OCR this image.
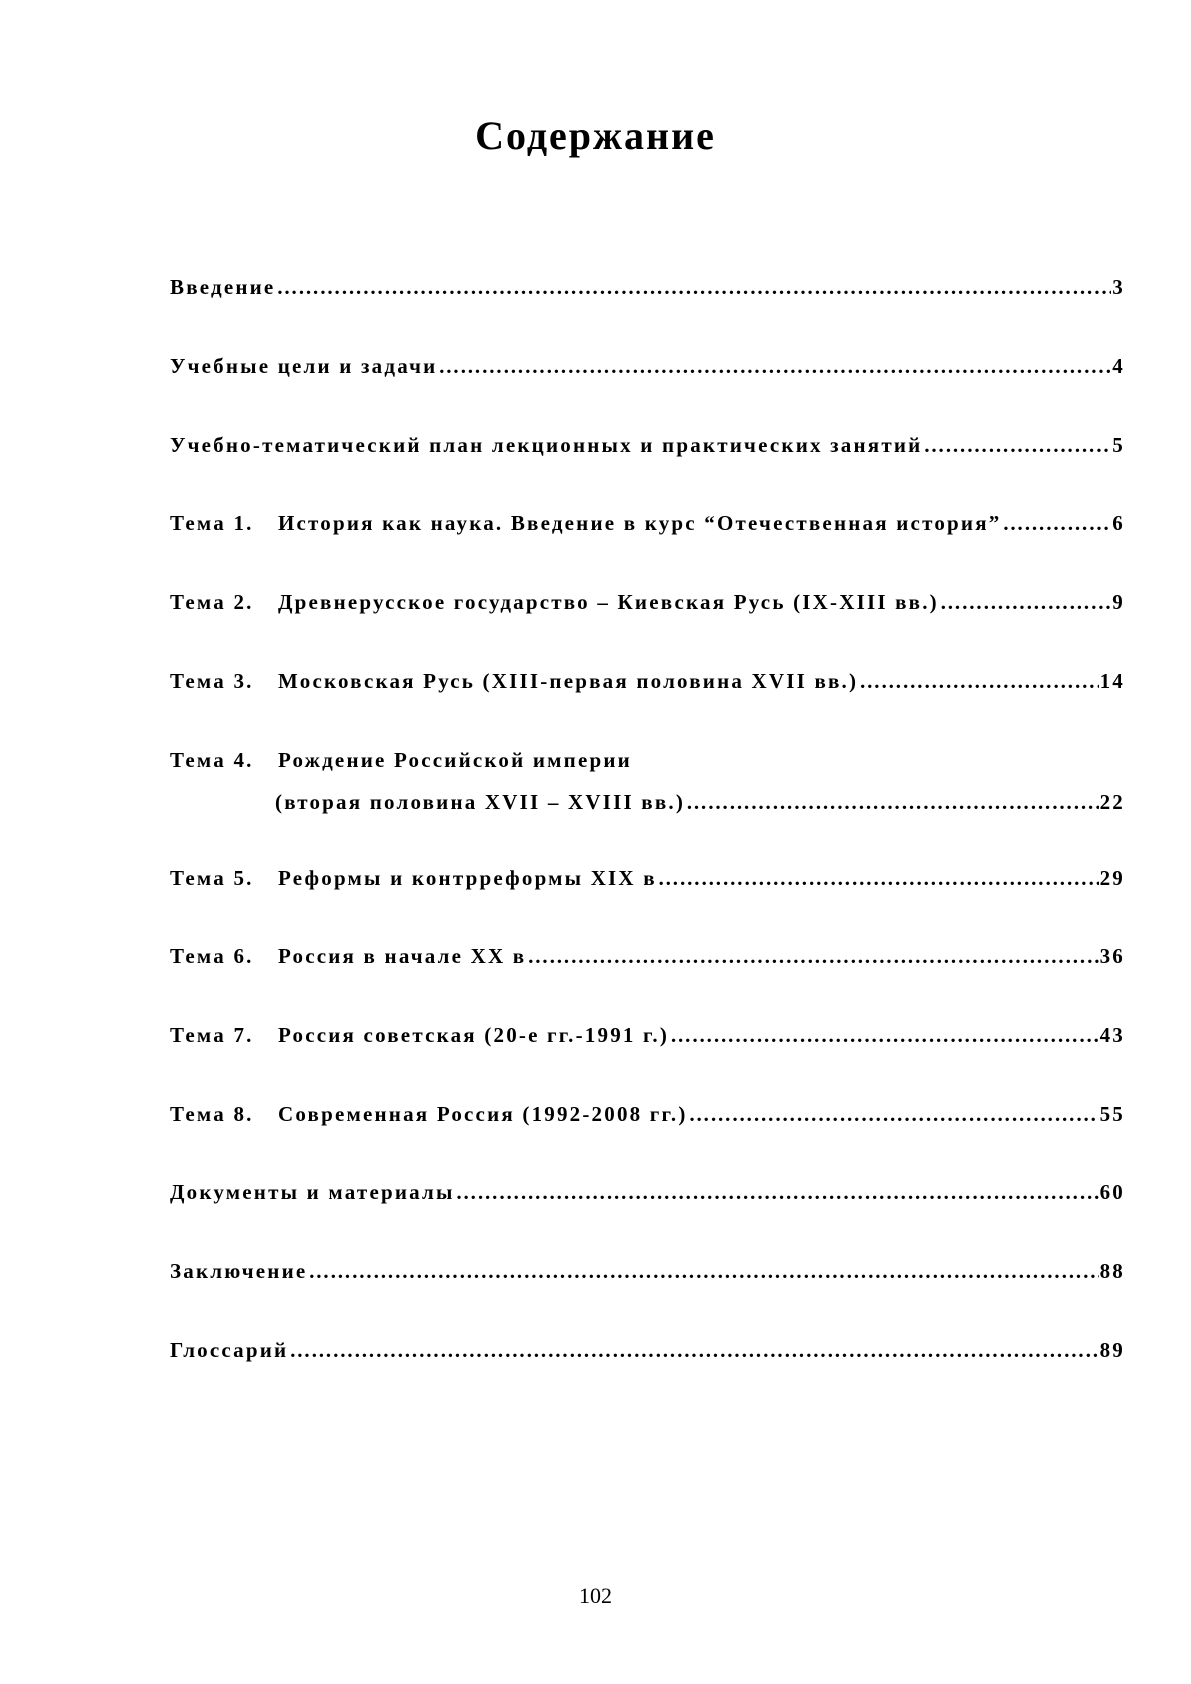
Содержание
Введение ……………………………………………………………………………………………………………………………………………………………………………………	3
Учебные цели и задачи ……………………………………………………………………………………………………………………………………………………………………………………	4
Учебно-тематический план лекционных и практических занятий ……………………………………………………………………………………………………………………………………………………………………………………	5
Тема 1. История как наука. Введение в курс “Отечественная история” ……………………………………………………………………………………………………………………………………………………………………………………	6
Тема 2. Древнерусское государство – Киевская Русь (IX-XIII вв.) ……………………………………………………………………………………………………………………………………………………………………………………	9
Тема 3. Московская Русь (XIII-первая половина XVII вв.) ……………………………………………………………………………………………………………………………………………………………………………………	14
Тема 4. Рождение Российской империи
(вторая половина XVII – XVIII вв.) ……………………………………………………………………………………………………………………………………………………………………………………	22
Тема 5. Реформы и контрреформы XIX в ……………………………………………………………………………………………………………………………………………………………………………………	29
Тема 6. Россия в начале XX в ……………………………………………………………………………………………………………………………………………………………………………………	36
Тема 7. Россия советская (20-е гг.-1991 г.) ……………………………………………………………………………………………………………………………………………………………………………………	43
Тема 8. Современная Россия (1992-2008 гг.) ……………………………………………………………………………………………………………………………………………………………………………………	55
Документы и материалы ……………………………………………………………………………………………………………………………………………………………………………………	60
Заключение ……………………………………………………………………………………………………………………………………………………………………………………	88
Глоссарий ……………………………………………………………………………………………………………………………………………………………………………………	89
102
